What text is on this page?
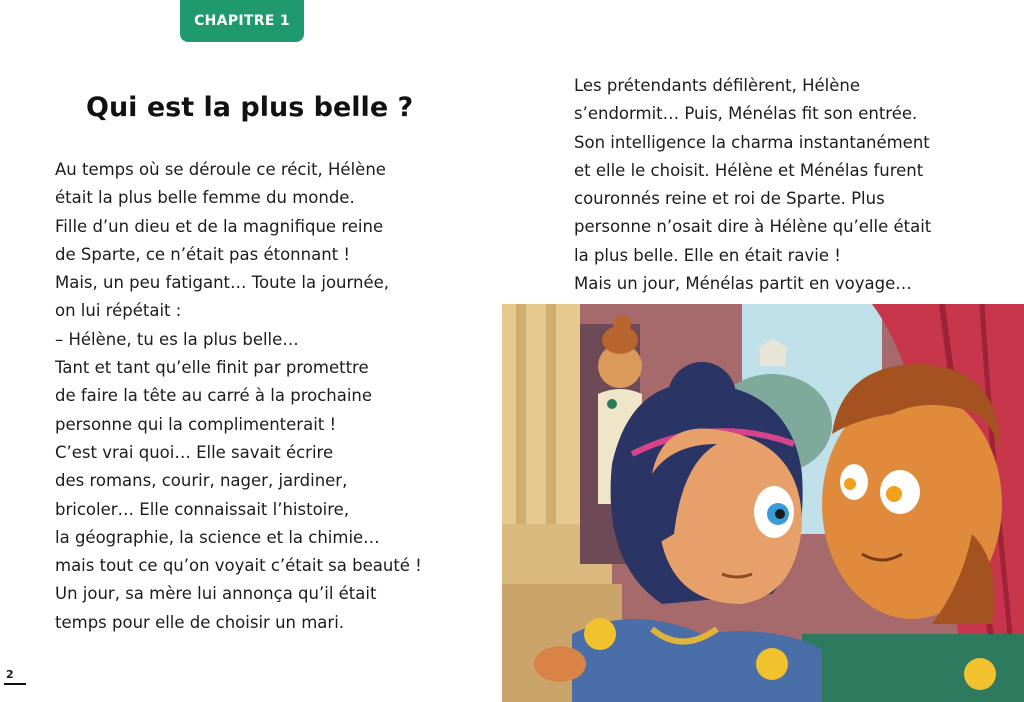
CHAPITRE 1
Qui est la plus belle ?
Au temps où se déroule ce récit, Hélène
était la plus belle femme du monde.
Fille d’un dieu et de la magnifique reine
de Sparte, ce n’était pas étonnant !
Mais, un peu fatigant… Toute la journée,
on lui répétait :
– Hélène, tu es la plus belle…
Tant et tant qu’elle finit par promettre
de faire la tête au carré à la prochaine
personne qui la complimenterait !
C’est vrai quoi… Elle savait écrire
des romans, courir, nager, jardiner,
bricoler… Elle connaissait l’histoire,
la géographie, la science et la chimie…
mais tout ce qu’on voyait c’était sa beauté !
Un jour, sa mère lui annonça qu’il était
temps pour elle de choisir un mari.
Les prétendants défilèrent, Hélène
s’endormit… Puis, Ménélas fit son entrée.
Son intelligence la charma instantanément
et elle le choisit. Hélène et Ménélas furent
couronnés reine et roi de Sparte. Plus
personne n’osait dire à Hélène qu’elle était
la plus belle. Elle en était ravie !
Mais un jour, Ménélas partit en voyage…
2
